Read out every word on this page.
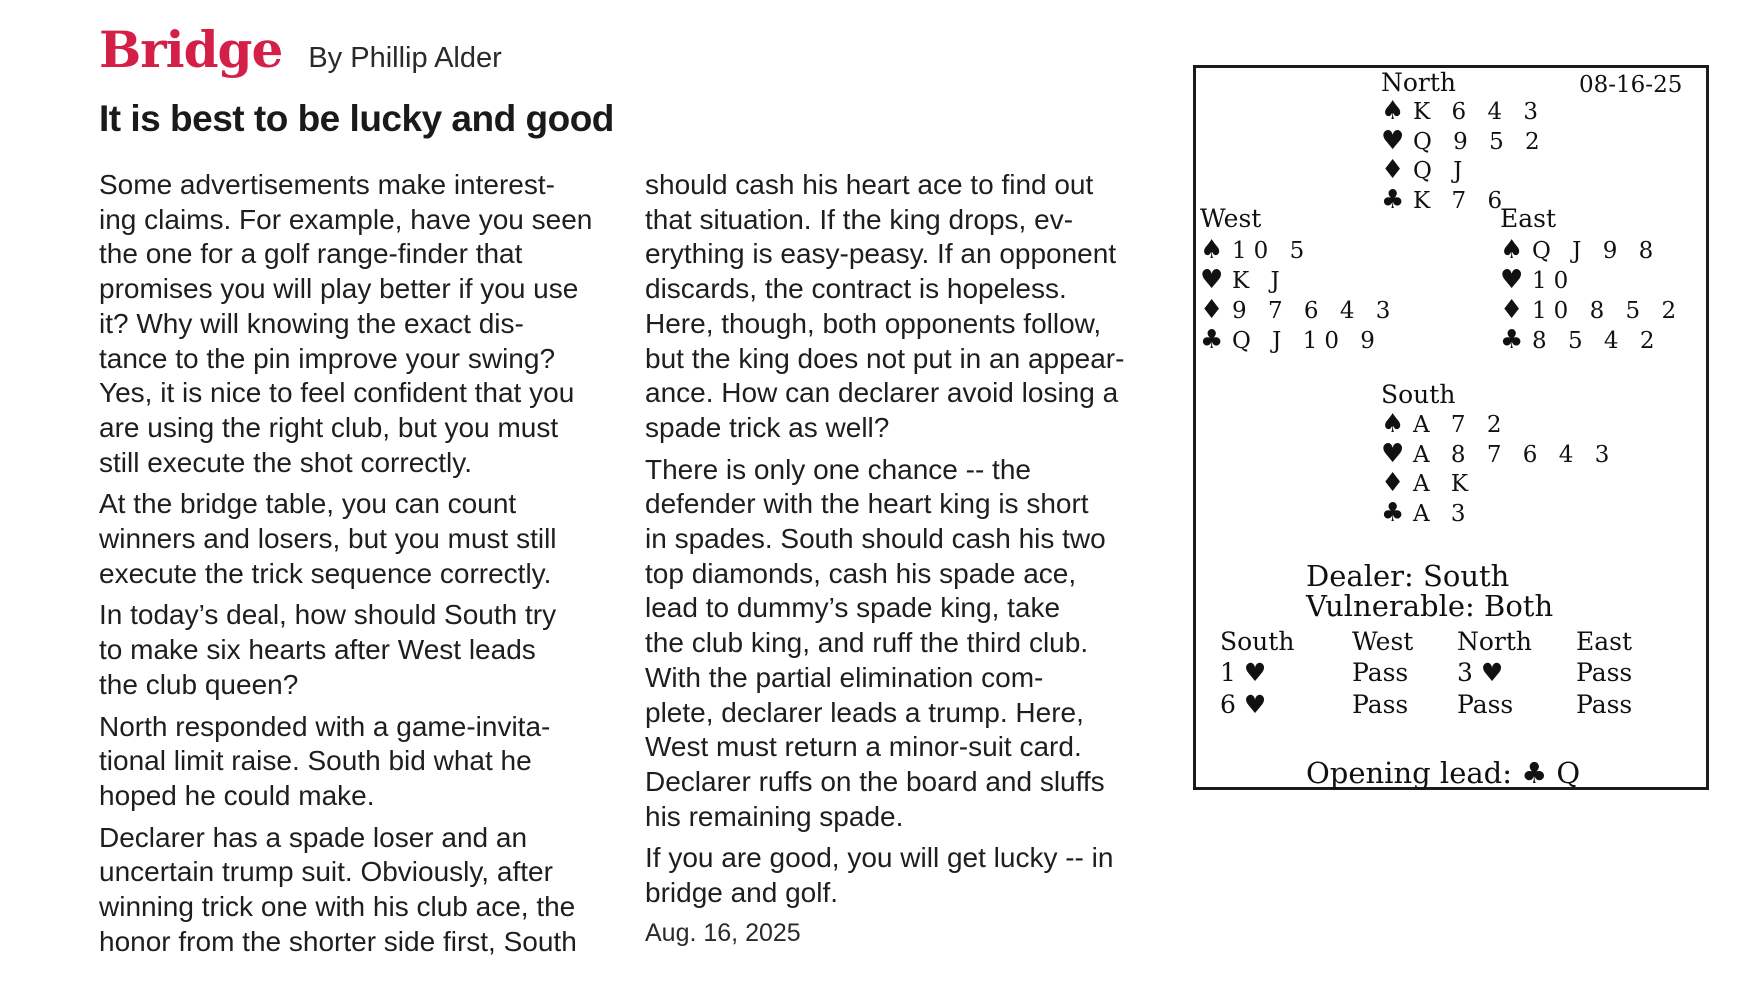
Bridge By Phillip Alder
It is best to be lucky and good

Some advertisements make interest-
ing claims. For example, have you seen
the one for a golf range-finder that
promises you will play better if you use
it? Why will knowing the exact dis-
tance to the pin improve your swing?
Yes, it is nice to feel confident that you
are using the right club, but you must
still execute the shot correctly.

At the bridge table, you can count
winners and losers, but you must still
execute the trick sequence correctly.

In today’s deal, how should South try
to make six hearts after West leads
the club queen?

North responded with a game-invita-
tional limit raise. South bid what he
hoped he could make.

Declarer has a spade loser and an
uncertain trump suit. Obviously, after
winning trick one with his club ace, the
honor from the shorter side first, South

should cash his heart ace to find out
that situation. If the king drops, ev-
erything is easy-peasy. If an opponent
discards, the contract is hopeless.
Here, though, both opponents follow,
but the king does not put in an appear-
ance. How can declarer avoid losing a
spade trick as well?

There is only one chance -- the
defender with the heart king is short
in spades. South should cash his two
top diamonds, cash his spade ace,
lead to dummy’s spade king, take
the club king, and ruff the third club.
With the partial elimination com-
plete, declarer leads a trump. Here,
West must return a minor-suit card.
Declarer ruffs on the board and sluffs
his remaining spade.

If you are good, you will get lucky -- in
bridge and golf.

Aug. 16, 2025
North	08-16-25
♠ K 6 4 3
♥ Q 9 5 2
♦ Q J
♣ K 7 6
West
♠ 10 5
♥ K J
♦ 9 7 6 4 3
♣ Q J 10 9
East
♠ Q J 9 8
♥ 10
♦ 10 8 5 2
♣ 8 5 4 2
South
♠ A 7 2
♥ A 8 7 6 4 3
♦ A K
♣ A 3
Dealer: South
Vulnerable: Both
South West North East
1 ♥	Pass 3 ♥	Pass
6 ♥	Pass Pass	Pass
Opening lead: ♣ Q
